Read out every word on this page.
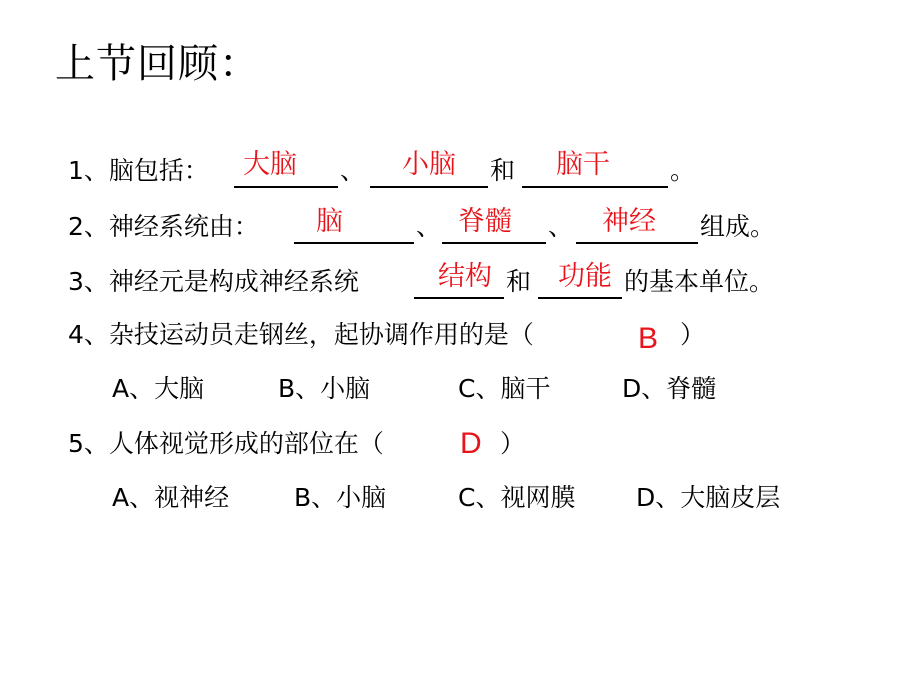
上节回顾：
1、脑包括：	、	和	。
大脑	小脑	脑干
2、神经系统由：	、	、	组成。
脑	脊髓	神经
3、神经元是构成神经系统	和	的基本单位。
结构 功能
4、杂技运动员走钢丝，起协调作用的是（	）
B
A、大脑	B、小脑	C、脑干	D、脊髓
5、人体视觉形成的部位在（	）
D
A、视神经	B、小脑	C、视网膜 D、大脑皮层
